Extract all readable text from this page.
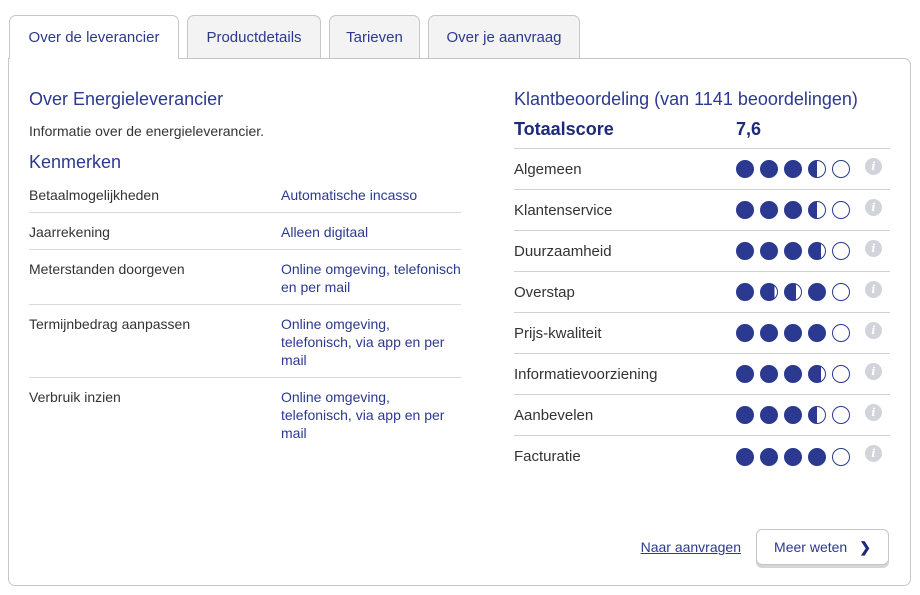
Over de leverancier	Productdetails	Tarieven	Over je aanvraag
Over Energieleverancier

Informatie over de energieleverancier.

Kenmerken
Betaalmogelijkheden	Automatische incasso
Jaarrekening	Alleen digitaal
Meterstanden doorgeven	Online omgeving, telefonisch en per mail
Termijnbedrag aanpassen	Online omgeving, telefonisch, via app en per mail
Verbruik inzien	Online omgeving, telefonisch, via app en per mail
Klantbeoordeling (van 1141 beoordelingen)
Totaalscore	7,6
Algemeen	i
Klantenservice	i
Duurzaamheid	i
Overstap	i
Prijs-kwaliteit	i
Informatievoorziening	i
Aanbevelen	i
Facturatie	i
Naar aanvragen Meer weten ❯
